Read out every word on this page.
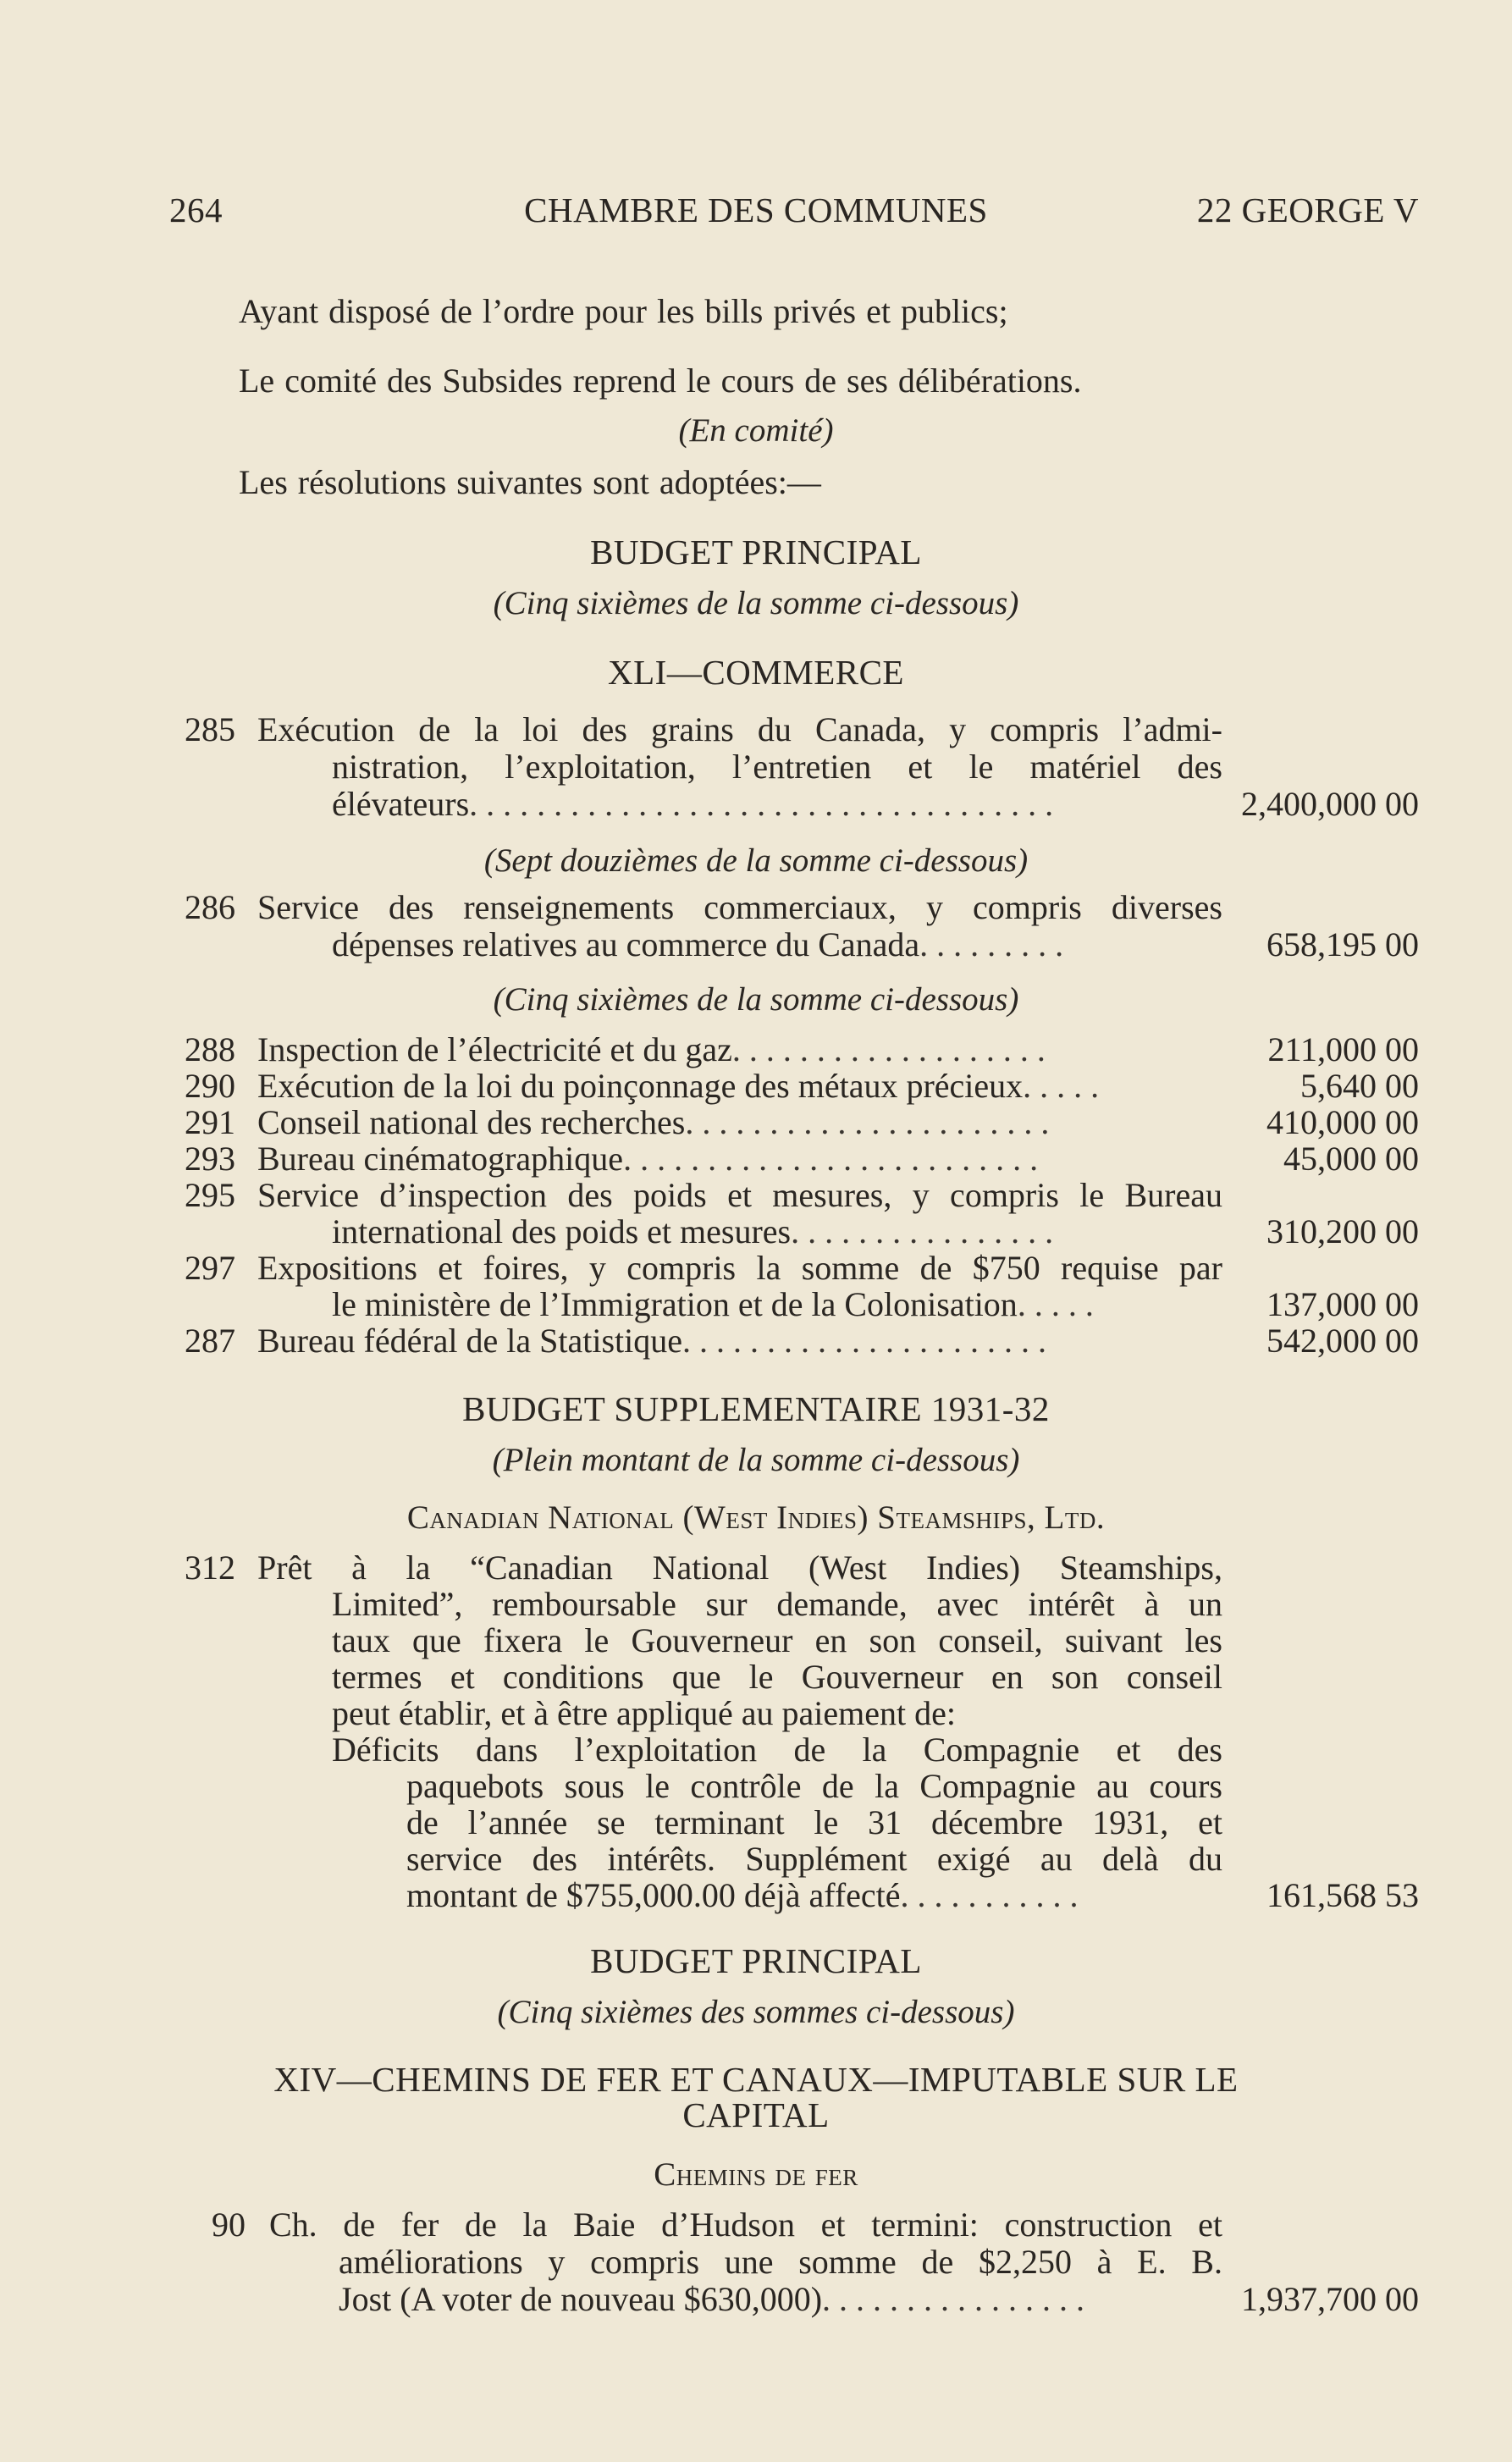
264	CHAMBRE DES COMMUNES	22 GEORGE V
Ayant disposé de l’ordre pour les bills privés et publics;
Le comité des Subsides reprend le cours de ses délibérations.
(En comité)
Les résolutions suivantes sont adoptées:—
BUDGET PRINCIPAL
(Cinq sixièmes de la somme ci-dessous)
XLI—COMMERCE
285 Exécution de la loi des grains du Canada, y compris l’admi-
nistration, l’exploitation, l’entretien et le matériel des
élévateurs. . . . . . . . . . . . . . . . . . . . . . . . . . . . . . . . . . .	2,400,000 00
(Sept douzièmes de la somme ci-dessous)
286 Service des renseignements commerciaux, y compris diverses
dépenses relatives au commerce du Canada. . . . . . . . .	658,195 00
(Cinq sixièmes de la somme ci-dessous)
288 Inspection de l’électricité et du gaz. . . . . . . . . . . . . . . . . . .	211,000 00
290 Exécution de la loi du poinçonnage des métaux précieux. . . . .	5,640 00
291 Conseil national des recherches. . . . . . . . . . . . . . . . . . . . . .	410,000 00
293 Bureau cinématographique. . . . . . . . . . . . . . . . . . . . . . . . .	45,000 00
295 Service d’inspection des poids et mesures, y compris le Bureau
international des poids et mesures. . . . . . . . . . . . . . . .	310,200 00
297 Expositions et foires, y compris la somme de $750 requise par
le ministère de l’Immigration et de la Colonisation. . . . .	137,000 00
287 Bureau fédéral de la Statistique. . . . . . . . . . . . . . . . . . . . . .	542,000 00
BUDGET SUPPLEMENTAIRE 1931-32
(Plein montant de la somme ci-dessous)
Canadian National (West Indies) Steamships, Ltd.
312 Prêt à la “Canadian National (West Indies) Steamships,
Limited”, remboursable sur demande, avec intérêt à un
taux que fixera le Gouverneur en son conseil, suivant les
termes et conditions que le Gouverneur en son conseil
peut établir, et à être appliqué au paiement de:
Déficits dans l’exploitation de la Compagnie et des
paquebots sous le contrôle de la Compagnie au cours
de l’année se terminant le 31 décembre 1931, et
service des intérêts. Supplément exigé au delà du
montant de $755,000.00 déjà affecté. . . . . . . . . . .	161,568 53
BUDGET PRINCIPAL
(Cinq sixièmes des sommes ci-dessous)
XIV—CHEMINS DE FER ET CANAUX—IMPUTABLE SUR LE
CAPITAL
Chemins de fer
90 Ch. de fer de la Baie d’Hudson et termini: construction et
améliorations y compris une somme de $2,250 à E. B.
Jost (A voter de nouveau $630,000). . . . . . . . . . . . . . . .	1,937,700 00
